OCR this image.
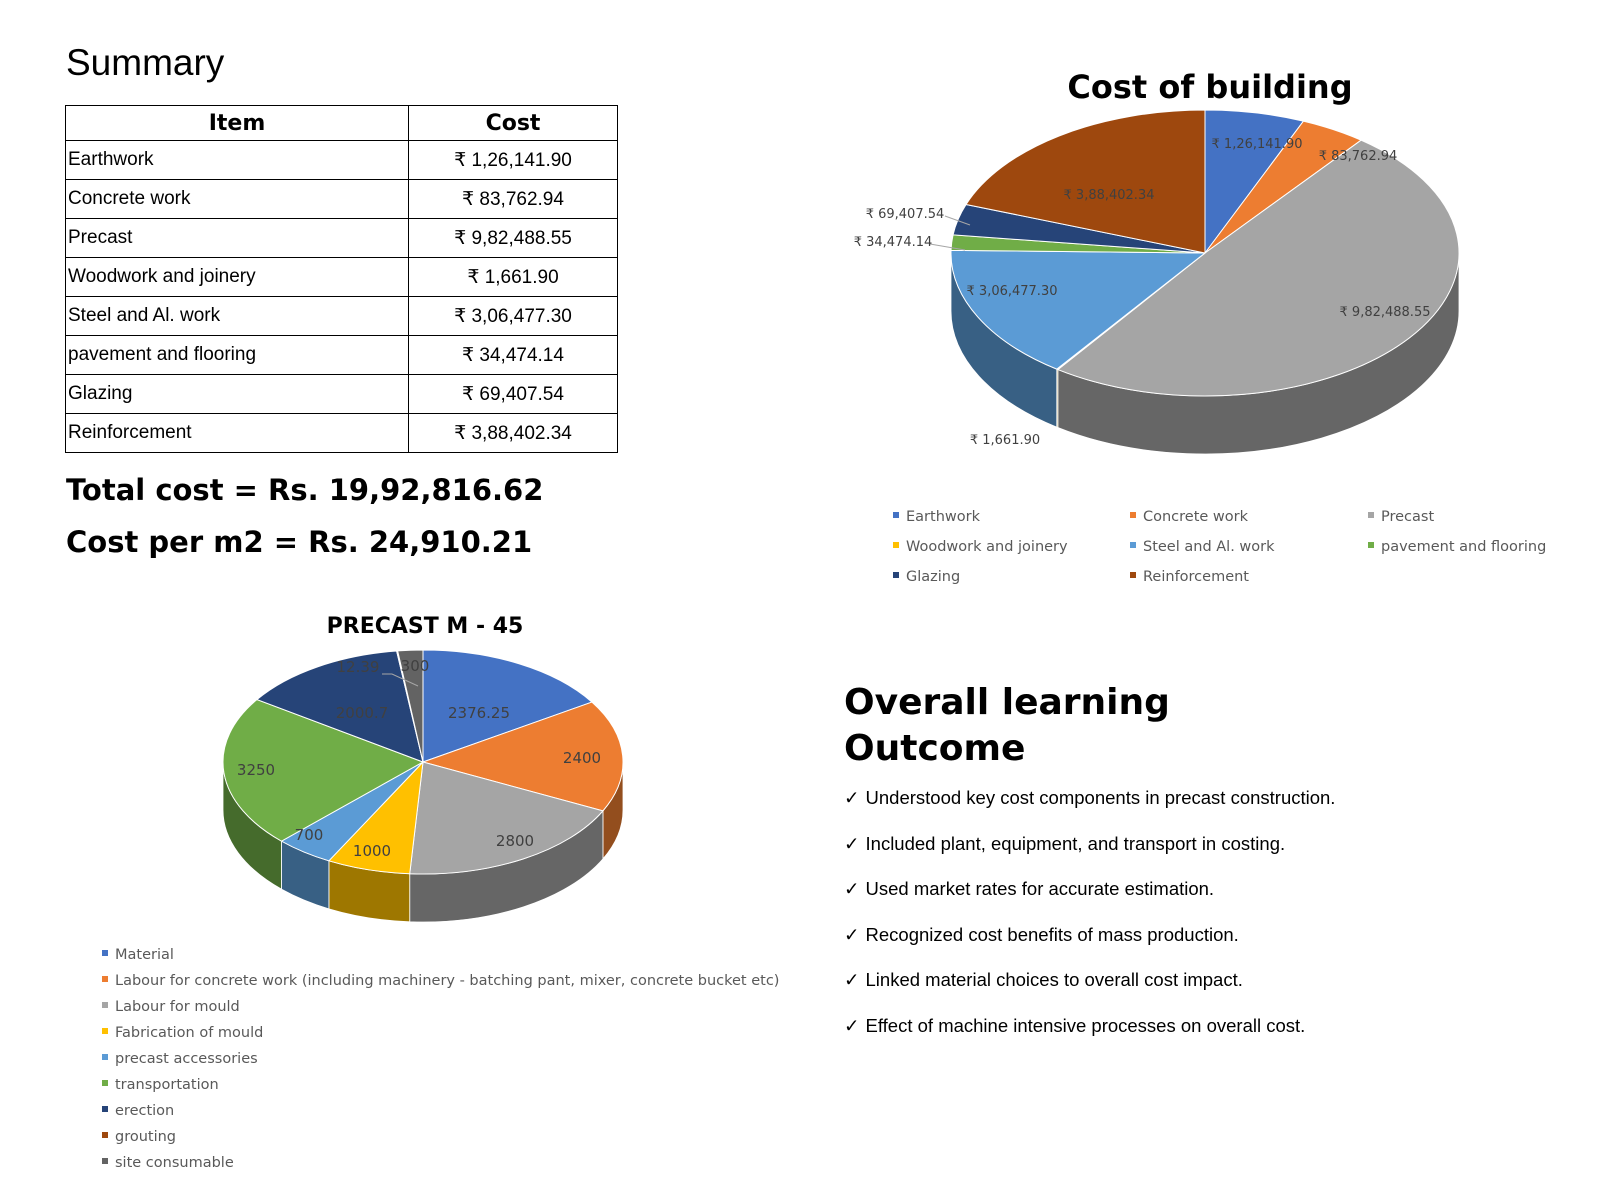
Summary
Item	Cost
Earthwork	₹ 1,26,141.90
Concrete work	₹ 83,762.94
Precast	₹ 9,82,488.55
Woodwork and joinery	₹ 1,661.90
Steel and Al. work	₹ 3,06,477.30
pavement and flooring	₹ 34,474.14
Glazing	₹ 69,407.54
Reinforcement	₹ 3,88,402.34
Total cost = Rs. 19,92,816.62
Cost per m2 = Rs. 24,910.21
Cost of building
PRECAST M - 45
₹ 1,26,141.90
₹ 83,762.94
₹ 9,82,488.55
₹ 1,661.90
₹ 3,06,477.30
₹ 34,474.14
₹ 69,407.54
₹ 3,88,402.34
2376.25
2400
2800
1000
700
3250
2000.7
12.39 300
Earthwork	Concrete work	Precast
Woodwork and joinery	Steel and Al. work	pavement and flooring
Glazing	Reinforcement
Material
Labour for concrete work (including machinery - batching pant, mixer, concrete bucket etc)
Labour for mould
Fabrication of mould
precast accessories
transportation
erection
grouting
site consumable
Overall learning
Outcome
✓ Understood key cost components in precast construction.
✓ Included plant, equipment, and transport in costing.
✓ Used market rates for accurate estimation.
✓ Recognized cost benefits of mass production.
✓ Linked material choices to overall cost impact.
✓ Effect of machine intensive processes on overall cost.
